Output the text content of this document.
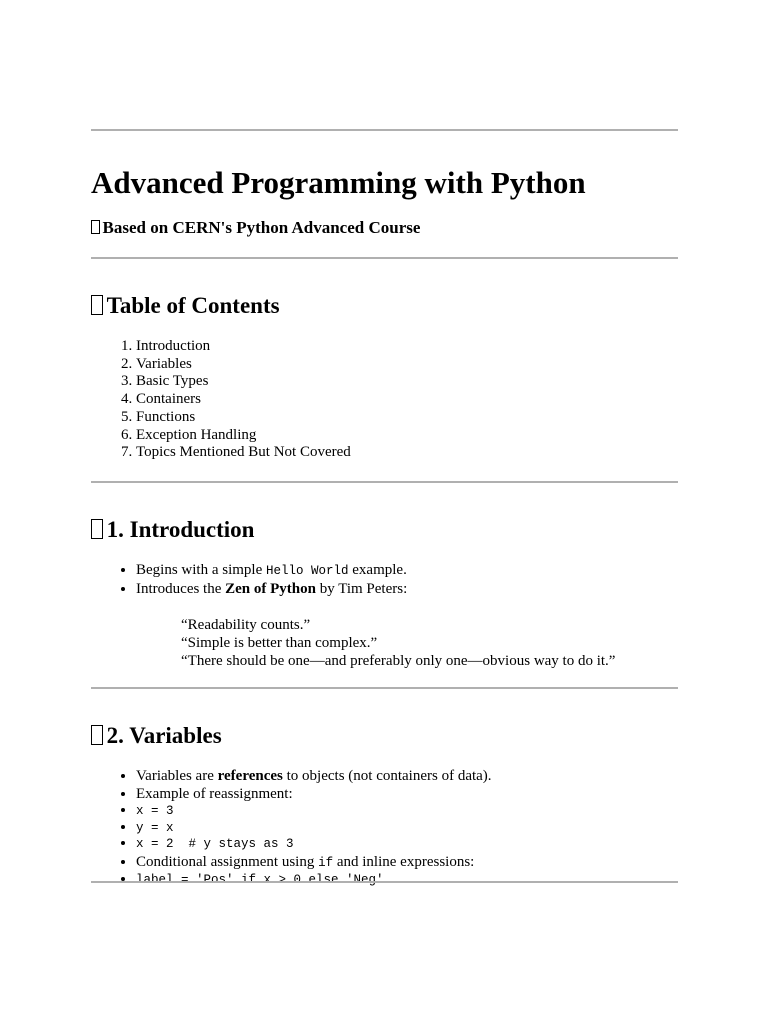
Advanced Programming with Python
Based on CERN's Python Advanced Course
Table of Contents
1. Introduction
2. Variables
3. Basic Types
4. Containers
5. Functions
6. Exception Handling
7. Topics Mentioned But Not Covered
1. Introduction
• Begins with a simple Hello World example.
• Introduces the Zen of Python by Tim Peters:
“Readability counts.”
“Simple is better than complex.”
“There should be one—and preferably only one—obvious way to do it.”
2. Variables
• Variables are references to objects (not containers of data).
• Example of reassignment:
• x = 3
• y = x
• x = 2  # y stays as 3
• Conditional assignment using if and inline expressions:
• label = 'Pos' if x > 0 else 'Neg'
